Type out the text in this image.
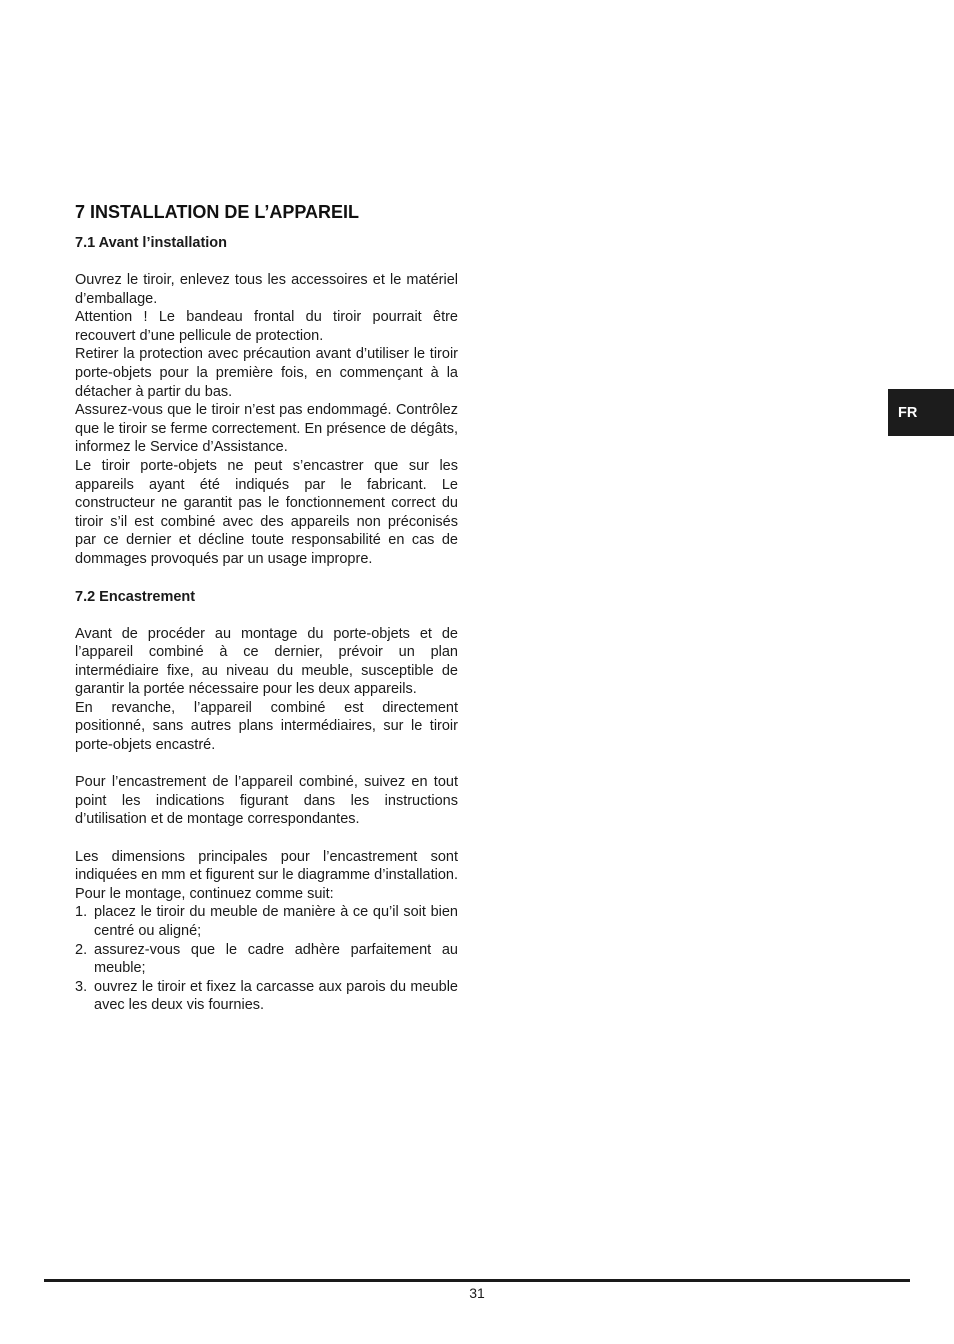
7 INSTALLATION DE L’APPAREIL
7.1 Avant l’installation

Ouvrez le tiroir, enlevez tous les accessoires et le matériel d’emballage.

Attention ! Le bandeau frontal du tiroir pourrait être recouvert d’une pellicule de protection.

Retirer la protection avec précaution avant d’utiliser le tiroir porte-objets pour la première fois, en commençant à la détacher à partir du bas.

Assurez-vous que le tiroir n’est pas endommagé. Contrôlez que le tiroir se ferme correctement. En présence de dégâts, informez le Service d’Assistance.

Le tiroir porte-objets ne peut s’encastrer que sur les appareils ayant été indiqués par le fabricant. Le constructeur ne garantit pas le fonctionnement correct du tiroir s’il est combiné avec des appareils non préconisés par ce dernier et décline toute responsabilité en cas de dommages provoqués par un usage impropre.

7.2 Encastrement

Avant de procéder au montage du porte-objets et de l’appareil combiné à ce dernier, prévoir un plan intermédiaire fixe, au niveau du meuble, susceptible de garantir la portée nécessaire pour les deux appareils.

En revanche, l’appareil combiné est directement positionné, sans autres plans intermédiaires, sur le tiroir porte-objets encastré.

Pour l’encastrement de l’appareil combiné, suivez en tout point les indications figurant dans les instructions d’utilisation et de montage correspondantes.

Les dimensions principales pour l’encastrement sont indiquées en mm et figurent sur le diagramme d’installation. Pour le montage, continuez comme suit:

1. placez le tiroir du meuble de manière à ce qu’il soit bien centré ou aligné;
2. assurez-vous que le cadre adhère parfaitement au meuble;
3. ouvrez le tiroir et fixez la carcasse aux parois du meuble avec les deux vis fournies.
FR
31
